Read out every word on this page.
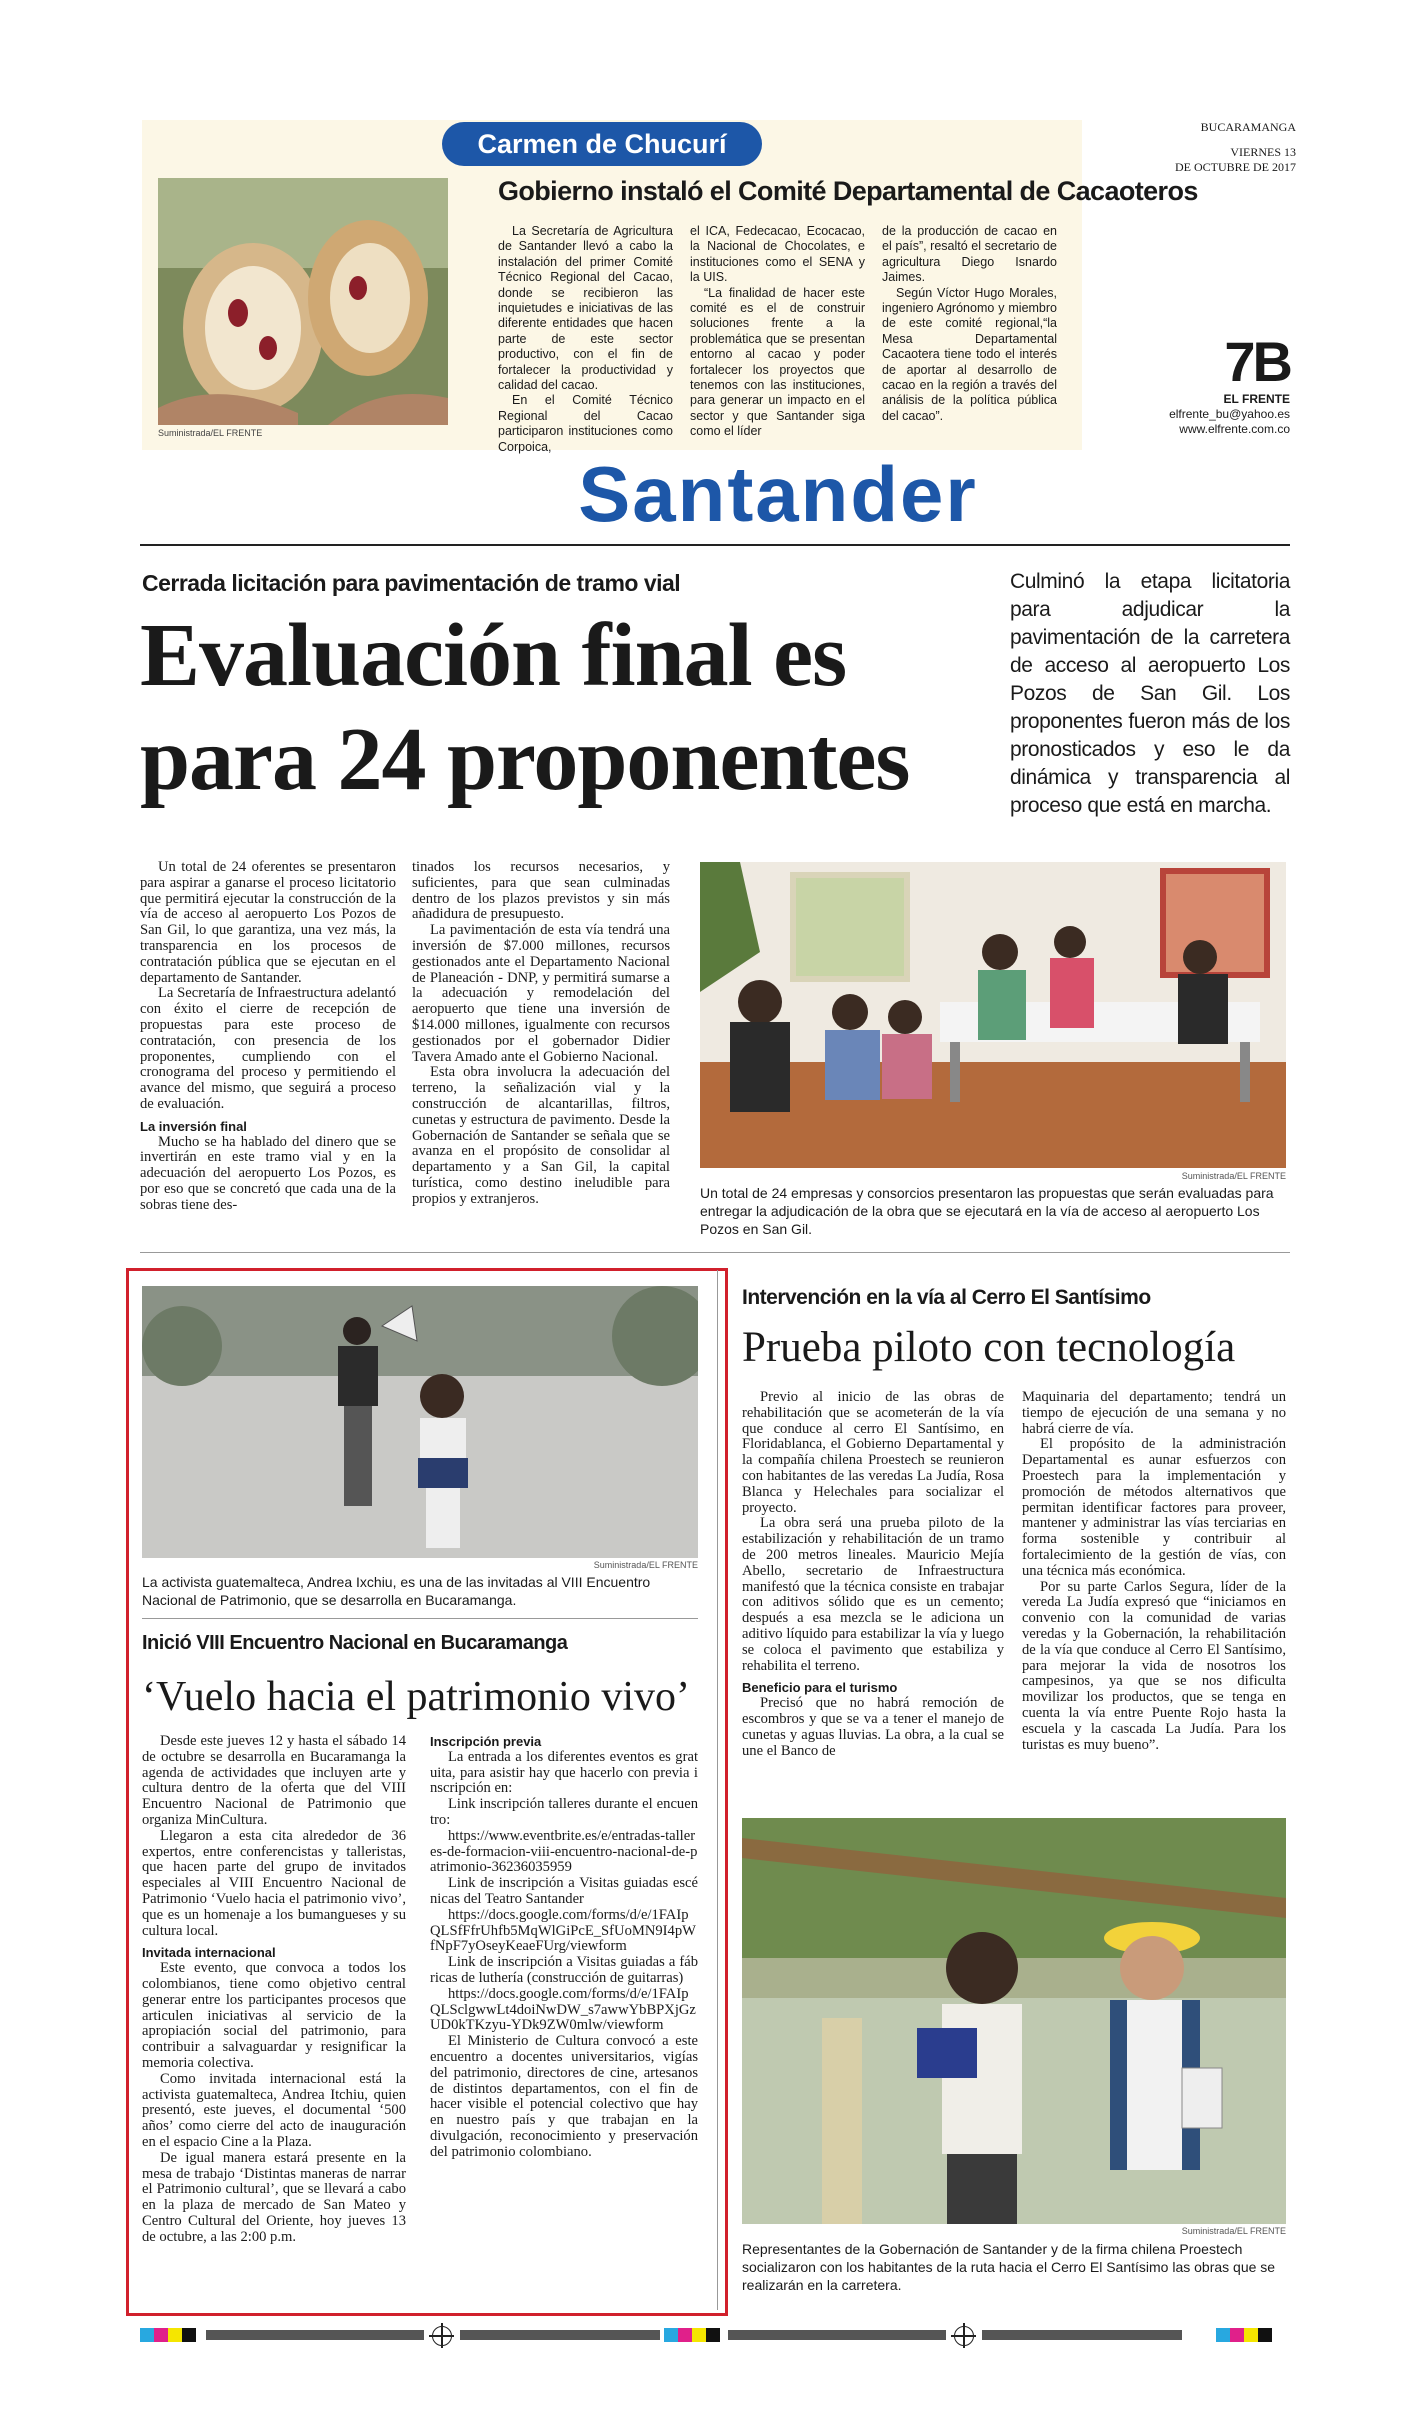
Carmen de Chucurí
Suministrada/EL FRENTE
Gobierno instaló el Comité Departamental de Cacaoteros

La Secretaría de Agricultura de Santander llevó a cabo la instalación del primer Comité Técnico Regional del Cacao, donde se recibieron las inquietudes e iniciativas de las diferente entidades que hacen parte de este sector productivo, con el fin de fortalecer la productividad y calidad del cacao.

En el Comité Técnico Regional del Cacao participaron instituciones como Corpoica,

el ICA, Fedecacao, Ecocacao, la Nacional de Chocolates, e instituciones como el SENA y la UIS.

“La finalidad de hacer este comité es el de construir soluciones frente a la problemática que se presentan entorno al cacao y poder fortalecer los proyectos que tenemos con las instituciones, para generar un impacto en el sector y que Santander siga como el líder

de la producción de cacao en el país”, resaltó el secretario de agricultura Diego Isnardo Jaimes.

Según Víctor Hugo Morales, ingeniero Agrónomo y miembro de este comité regional,“la Mesa Departamental Cacaotera tiene todo el interés de aportar al desarrollo de cacao en la región a través del análisis de la política pública del cacao”.

BUCARAMANGA
VIERNES 13
DE OCTUBRE DE 2017
7B
EL FRENTE
elfrente_bu@yahoo.es
www.elfrente.com.co
Santander
Cerrada licitación para pavimentación de tramo vial
Evaluación final es
para 24 proponentes
Culminó la etapa licitatoria para adjudicar la pavimentación de la carretera de acceso al aeropuerto Los Pozos de San Gil. Los proponentes fueron más de los pronosticados y eso le da dinámica y transparencia al proceso que está en marcha.

Un total de 24 oferentes se presentaron para aspirar a ganarse el proceso licitatorio que permitirá ejecutar la construcción de la vía de acceso al aeropuerto Los Pozos de San Gil, lo que garantiza, una vez más, la transparencia en los procesos de contratación pública que se ejecutan en el departamento de Santander.

La Secretaría de Infraestructura adelantó con éxito el cierre de recepción de propuestas para este proceso de contratación, con presencia de los proponentes, cumpliendo con el cronograma del proceso y permitiendo el avance del mismo, que seguirá a proceso de evaluación.

La inversión final

Mucho se ha hablado del dinero que se invertirán en este tramo vial y en la adecuación del aeropuerto Los Pozos, es por eso que se concretó que cada una de la sobras tiene des-

tinados los recursos necesarios, y suficientes, para que sean culminadas dentro de los plazos previstos y sin más añadidura de presupuesto.

La pavimentación de esta vía tendrá una inversión de $7.000 millones, recursos gestionados ante el Departamento Nacional de Planeación - DNP, y permitirá sumarse a la adecuación y remodelación del aeropuerto que tiene una inversión de $14.000 millones, igualmente con recursos gestionados por el gobernador Didier Tavera Amado ante el Gobierno Nacional.

Esta obra involucra la adecuación del terreno, la señalización vial y la construcción de alcantarillas, filtros, cunetas y estructura de pavimento. Desde la Gobernación de Santander se señala que se avanza en el propósito de consolidar al departamento y a San Gil, la capital turística, como destino ineludible para propios y extranjeros.

Suministrada/EL FRENTE
Un total de 24 empresas y consorcios presentaron las propuestas que serán evaluadas para entregar la adjudicación de la obra que se ejecutará en la vía de acceso al aeropuerto Los Pozos en San Gil.
Suministrada/EL FRENTE
La activista guatemalteca, Andrea Ixchiu, es una de las invitadas al VIII Encuentro Nacional de Patrimonio, que se desarrolla en Bucaramanga.
Inició VIII Encuentro Nacional en Bucaramanga
‘Vuelo hacia el patrimonio vivo’

Desde este jueves 12 y hasta el sábado 14 de octubre se desarrolla en Bucaramanga la agenda de actividades que incluyen arte y cultura dentro de la oferta que del VIII Encuentro Nacional de Patrimonio que organiza MinCultura.

Llegaron a esta cita alrededor de 36 expertos, entre conferencistas y talleristas, que hacen parte del grupo de invitados especiales al VIII Encuentro Nacional de Patrimonio ‘Vuelo hacia el patrimonio vivo’, que es un homenaje a los bumangueses y su cultura local.

Invitada internacional

Este evento, que convoca a todos los colombianos, tiene como objetivo central generar entre los participantes procesos que articulen iniciativas al servicio de la apropiación social del patrimonio, para contribuir a salvaguardar y resignificar la memoria colectiva.

Como invitada internacional está la activista guatemalteca, Andrea Itchiu, quien presentó, este jueves, el documental ‘500 años’ como cierre del acto de inauguración en el espacio Cine a la Plaza.

De igual manera estará presente en la mesa de trabajo ‘Distintas maneras de narrar el Patrimonio cultural’, que se llevará a cabo en la plaza de mercado de San Mateo y Centro Cultural del Oriente, hoy jueves 13 de octubre, a las 2:00 p.m.

Inscripción previa

La entrada a los diferentes eventos es gratuita, para asistir hay que hacerlo con previa inscripción en:

Link inscripción talleres durante el encuentro:

https://www.eventbrite.es/e/entradas-talleres-de-formacion-viii-encuentro-nacional-de-patrimonio-36236035959

Link de inscripción a Visitas guiadas escénicas del Teatro Santander

https://docs.google.com/forms/d/e/1FAIpQLSfFfrUhfb5MqWlGiPcE_SfUoMN9I4pWfNpF7yOseyKeaeFUrg/viewform

Link de inscripción a Visitas guiadas a fábricas de luthería (construcción de guitarras)

https://docs.google.com/forms/d/e/1FAIpQLSclgwwLt4doiNwDW_s7awwYbBPXjGzUD0kTKzyu-YDk9ZW0mlw/viewform

El Ministerio de Cultura convocó a este encuentro a docentes universitarios, vigías del patrimonio, directores de cine, artesanos de distintos departamentos, con el fin de hacer visible el potencial colectivo que hay en nuestro país y que trabajan en la divulgación, reconocimiento y preservación del patrimonio colombiano.

Intervención en la vía al Cerro El Santísimo
Prueba piloto con tecnología

Previo al inicio de las obras de rehabilitación que se acometerán de la vía que conduce al cerro El Santísimo, en Floridablanca, el Gobierno Departamental y la compañía chilena Proestech se reunieron con habitantes de las veredas La Judía, Rosa Blanca y Helechales para socializar el proyecto.

La obra será una prueba piloto de la estabilización y rehabilitación de un tramo de 200 metros lineales. Mauricio Mejía Abello, secretario de Infraestructura manifestó que la técnica consiste en trabajar con aditivos sólido que es un cemento; después a esa mezcla se le adiciona un aditivo líquido para estabilizar la vía y luego se coloca el pavimento que estabiliza y rehabilita el terreno.

Beneficio para el turismo

Precisó que no habrá remoción de escombros y que se va a tener el manejo de cunetas y aguas lluvias. La obra, a la cual se une el Banco de

Maquinaria del departamento; tendrá un tiempo de ejecución de una semana y no habrá cierre de vía.

El propósito de la administración Departamental es aunar esfuerzos con Proestech para la implementación y promoción de métodos alternativos que permitan identificar factores para proveer, mantener y administrar las vías terciarias en forma sostenible y contribuir al fortalecimiento de la gestión de vías, con una técnica más económica.

Por su parte Carlos Segura, líder de la vereda La Judía expresó que “iniciamos en convenio con la comunidad de varias veredas y la Gobernación, la rehabilitación de la vía que conduce al Cerro El Santísimo, para mejorar la vida de nosotros los campesinos, ya que se nos dificulta movilizar los productos, que se tenga en cuenta la vía entre Puente Rojo hasta la escuela y la cascada La Judía. Para los turistas es muy bueno”.

Suministrada/EL FRENTE
Representantes de la Gobernación de Santander y de la firma chilena Proestech socializaron con los habitantes de la ruta hacia el Cerro El Santísimo las obras que se realizarán en la carretera.
